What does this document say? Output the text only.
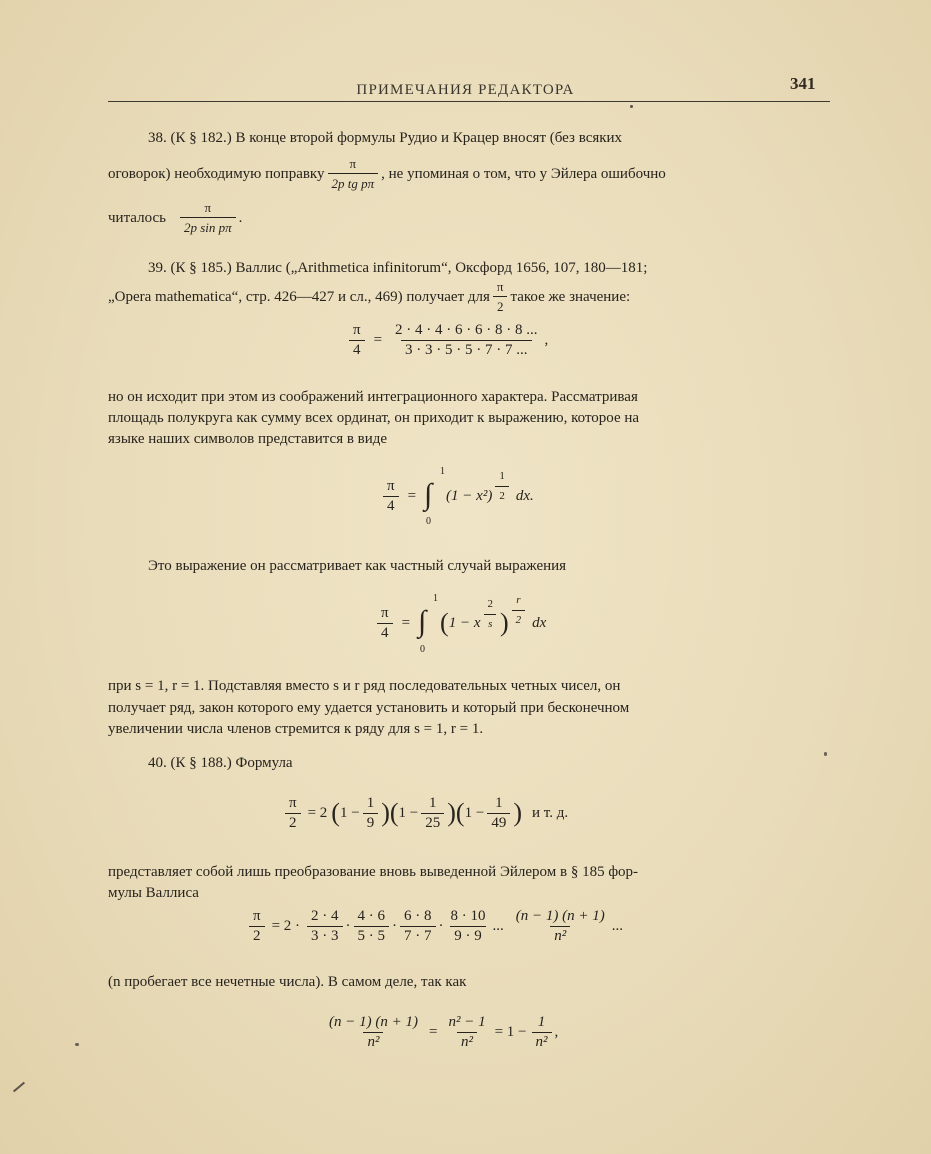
ПРИМЕЧАНИЯ РЕДАКТОРА	341
38. (К § 182.) В конце второй формулы Рудио и Крацер вносят (без всяких
оговорок) необходимую поправку $\frac{\pi}{\text{2p tg pπ}}$ , не упоминая о том, что у Эйлера ошибочно
читалось $\frac{\pi}{\text{2p sin pπ}}$ .
39. (К § 185.) Валлис („Arithmetica infinitorum“, Оксфорд 1656, 107, 180—181;
„Opera mathematica“, стр. 426—427 и сл., 469) получает для $\frac{\pi}{2}$ такое же значение:
$\frac{\pi}{4} = \frac{2 \cdot 4 \cdot 4 \cdot 6 \cdot 6 \cdot 8 \cdot 8 ...}{3 \cdot 3 \cdot 5 \cdot 5 \cdot 7 \cdot 7 ...}$ ,
но он исходит при этом из соображений интеграционного характера. Рассматривая
площадь полукруга как сумму всех ординат, он приходит к выражению, которое на
языке наших символов представится в виде
$\frac{\pi}{4}$ = ∫
1
0
$(1 - x^2) \frac{1}{2}$ dx.
Это выражение он рассматривает как частный случай выражения
$\frac{\pi}{4}$ = ∫
1
0
( 1 − x $\frac{2}{s}$ ) $\frac{r}{2}$ dx
при s = 1, r = 1. Подставляя вместо s и r ряд последовательных четных чисел, он
получает ряд, закон которого ему удается установить и который при бесконечном
увеличении числа членов стремится к ряду для s = 1, r = 1.
40. (К § 188.) Формула
$\frac{\pi}{2} = 2$ ( $1 - \frac{1}{9}$ ) ( $1 - \frac{1}{25}$ ) ( $1 - \frac{1}{49}$ ) и т. д.
представляет собой лишь преобразование вновь выведенной Эйлером в § 185 фор-
мулы Валлиса
$\frac{\pi}{2} = 2 \cdot \frac{2 \cdot 4}{3 \cdot 3} \cdot \frac{4 \cdot 6}{5 \cdot 5} \cdot \frac{6 \cdot 8}{7 \cdot 7} \cdot \frac{8 \cdot 10}{9 \cdot 9}$ ... $\frac{(n - 1) (n + 1)}{\text{n²}}$ ...
(n пробегает все нечетные числа). В самом деле, так как
$\frac{(n - 1) (n + 1)}{\text{n²}} = \frac{\text{n² − 1}}{\text{n²}} = 1 - \frac{1}{\text{n²}}$ ,
